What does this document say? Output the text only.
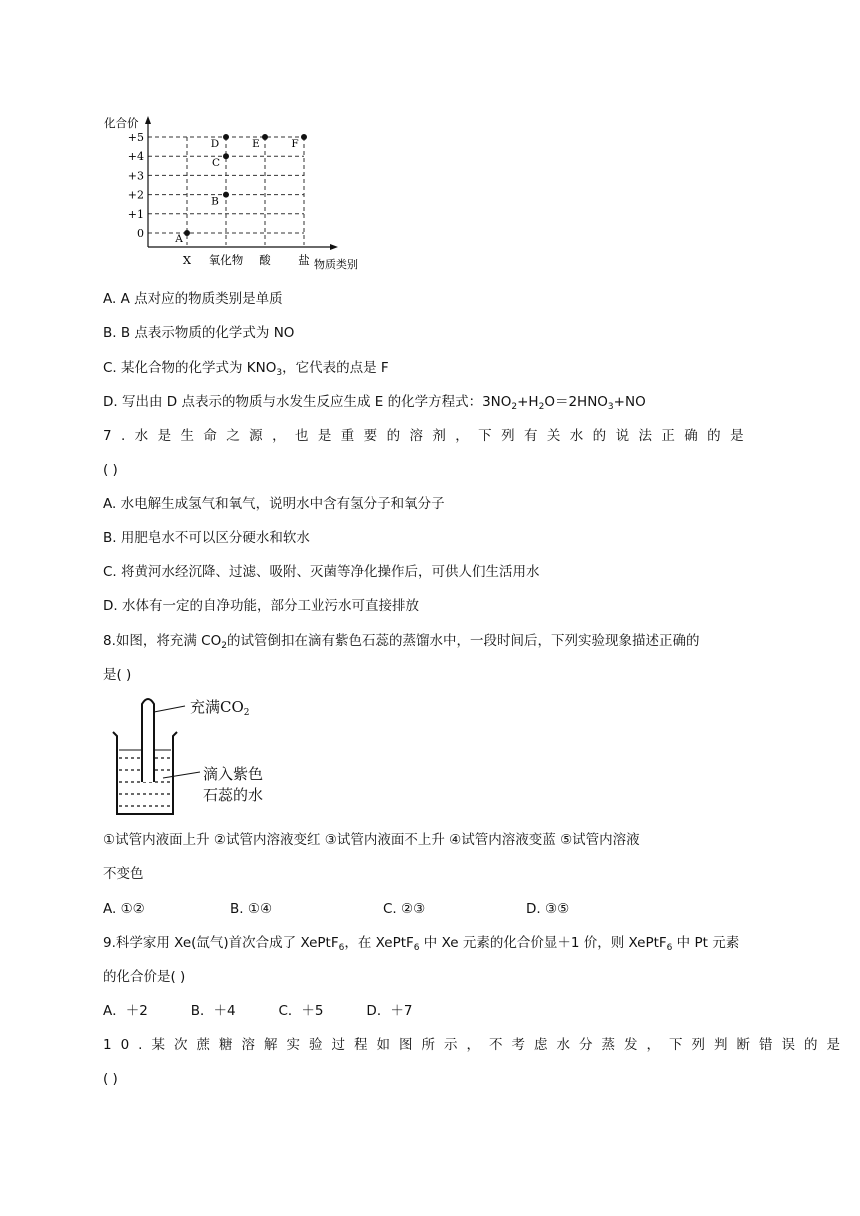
化合价
物质类别
+5
+4
+3
+2
+1
0
X 氧化物 酸 盐
A
B
C
D	E	F
A. A 点对应的物质类别是单质
B. B 点表示物质的化学式为 NO
C. 某化合物的化学式为 $KNO_3$，它代表的点是 F
D. 写出由 D 点表示的物质与水发生反应生成 E 的化学方程式：$3NO_2+H_2O=2HNO_3+NO$
7.水是生命之源，也是重要的溶剂，下列有关水的说法正确的是
( )
A. 水电解生成氢气和氧气，说明水中含有氢分子和氧分子
B. 用肥皂水不可以区分硬水和软水
C. 将黄河水经沉降、过滤、吸附、灭菌等净化操作后，可供人们生活用水
D. 水体有一定的自净功能，部分工业污水可直接排放
8.如图，将充满 $CO_2$的试管倒扣在滴有紫色石蕊的蒸馏水中，一段时间后，下列实验现象描述正确的
是( )
充满$CO_2$
滴入紫色
石蕊的水
①试管内液面上升 ②试管内溶液变红 ③试管内液面不上升 ④试管内溶液变蓝 ⑤试管内溶液
不变色
A. ①②	B. ①④	C. ②③	D. ③⑤
9.科学家用 Xe(氙气)首次合成了 XePtF$_6$，在 XePtF$_6$ 中 Xe 元素的化合价显＋1 价，则 XePtF$_6$ 中 Pt 元素
的化合价是( )
A．＋2          B．＋4          C．＋5          D．＋7
10.某次蔗糖溶解实验过程如图所示，不考虑水分蒸发，下列判断错误的是
( )
